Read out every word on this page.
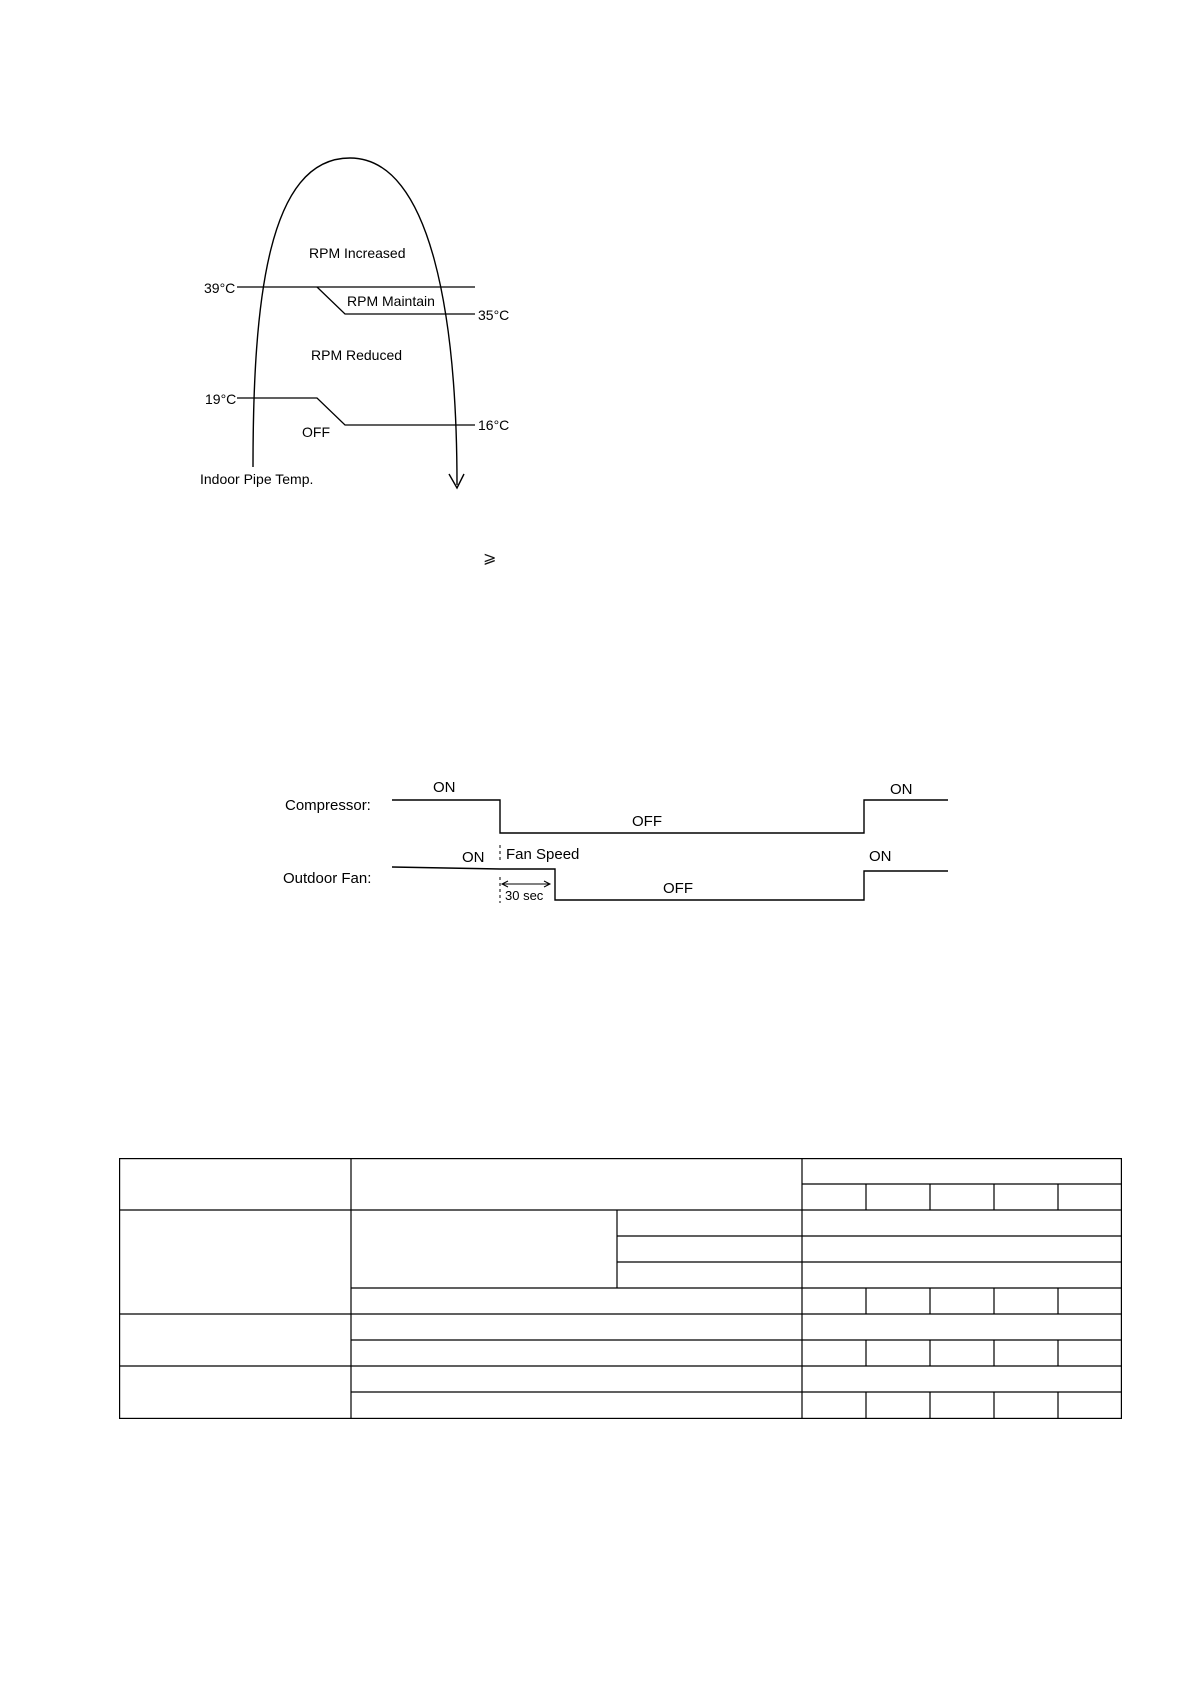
RPM Increased
RPM Maintain
RPM Reduced
OFF
Indoor Pipe Temp.
39°C
35°C
19°C
16°C
⩾
Compressor:
Outdoor Fan:
ON
OFF
ON
ON Fan Speed
30 sec	OFF
ON
